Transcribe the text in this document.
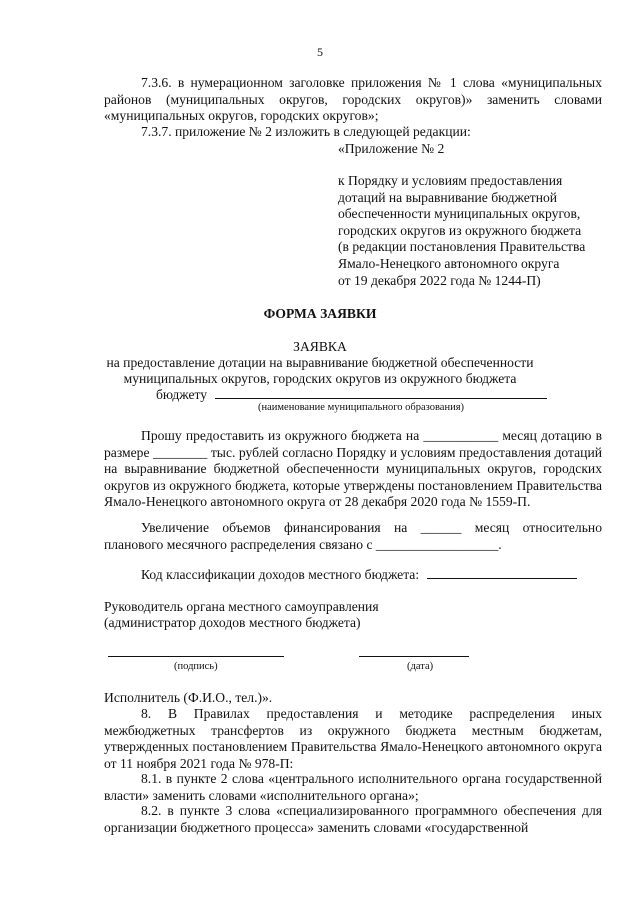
5

7.3.6. в нумерационном заголовке приложения № 1 слова «муниципальных районов (муниципальных округов, городских округов)» заменить словами «муниципальных округов, городских округов»;

7.3.7. приложение № 2 изложить в следующей редакции:

«Приложение № 2

к Порядку и условиям предоставления
дотаций на выравнивание бюджетной
обеспеченности муниципальных округов,
городских округов из окружного бюджета
(в редакции постановления Правительства
Ямало-Ненецкого автономного округа
от 19 декабря 2022 года № 1244-П)

ФОРМА ЗАЯВКИ

ЗАЯВКА

на предоставление дотации на выравнивание бюджетной обеспеченности

муниципальных округов, городских округов из окружного бюджета

бюджету

(наименование муниципального образования)

Прошу предоставить из окружного бюджета на ___________ месяц дотацию в размере ________ тыс. рублей согласно Порядку и условиям предоставления дотаций на выравнивание бюджетной обеспеченности муниципальных округов, городских округов из окружного бюджета, которые утверждены постановлением Правительства Ямало-Ненецкого автономного округа от 28 декабря 2020 года № 1559-П.

Увеличение объемов финансирования на ______ месяц относительно планового месячного распределения связано с __________________.

Код классификации доходов местного бюджета:

Руководитель органа местного самоуправления

(администратор доходов местного бюджета)

(подпись)	(дата)

Исполнитель (Ф.И.О., тел.)».

8. В Правилах предоставления и методике распределения иных межбюджетных трансфертов из окружного бюджета местным бюджетам, утвержденных постановлением Правительства Ямало-Ненецкого автономного округа от 11 ноября 2021 года № 978-П:

8.1. в пункте 2 слова «центрального исполнительного органа государственной власти» заменить словами «исполнительного органа»;

8.2. в пункте 3 слова «специализированного программного обеспечения для организации бюджетного процесса» заменить словами «государственной
